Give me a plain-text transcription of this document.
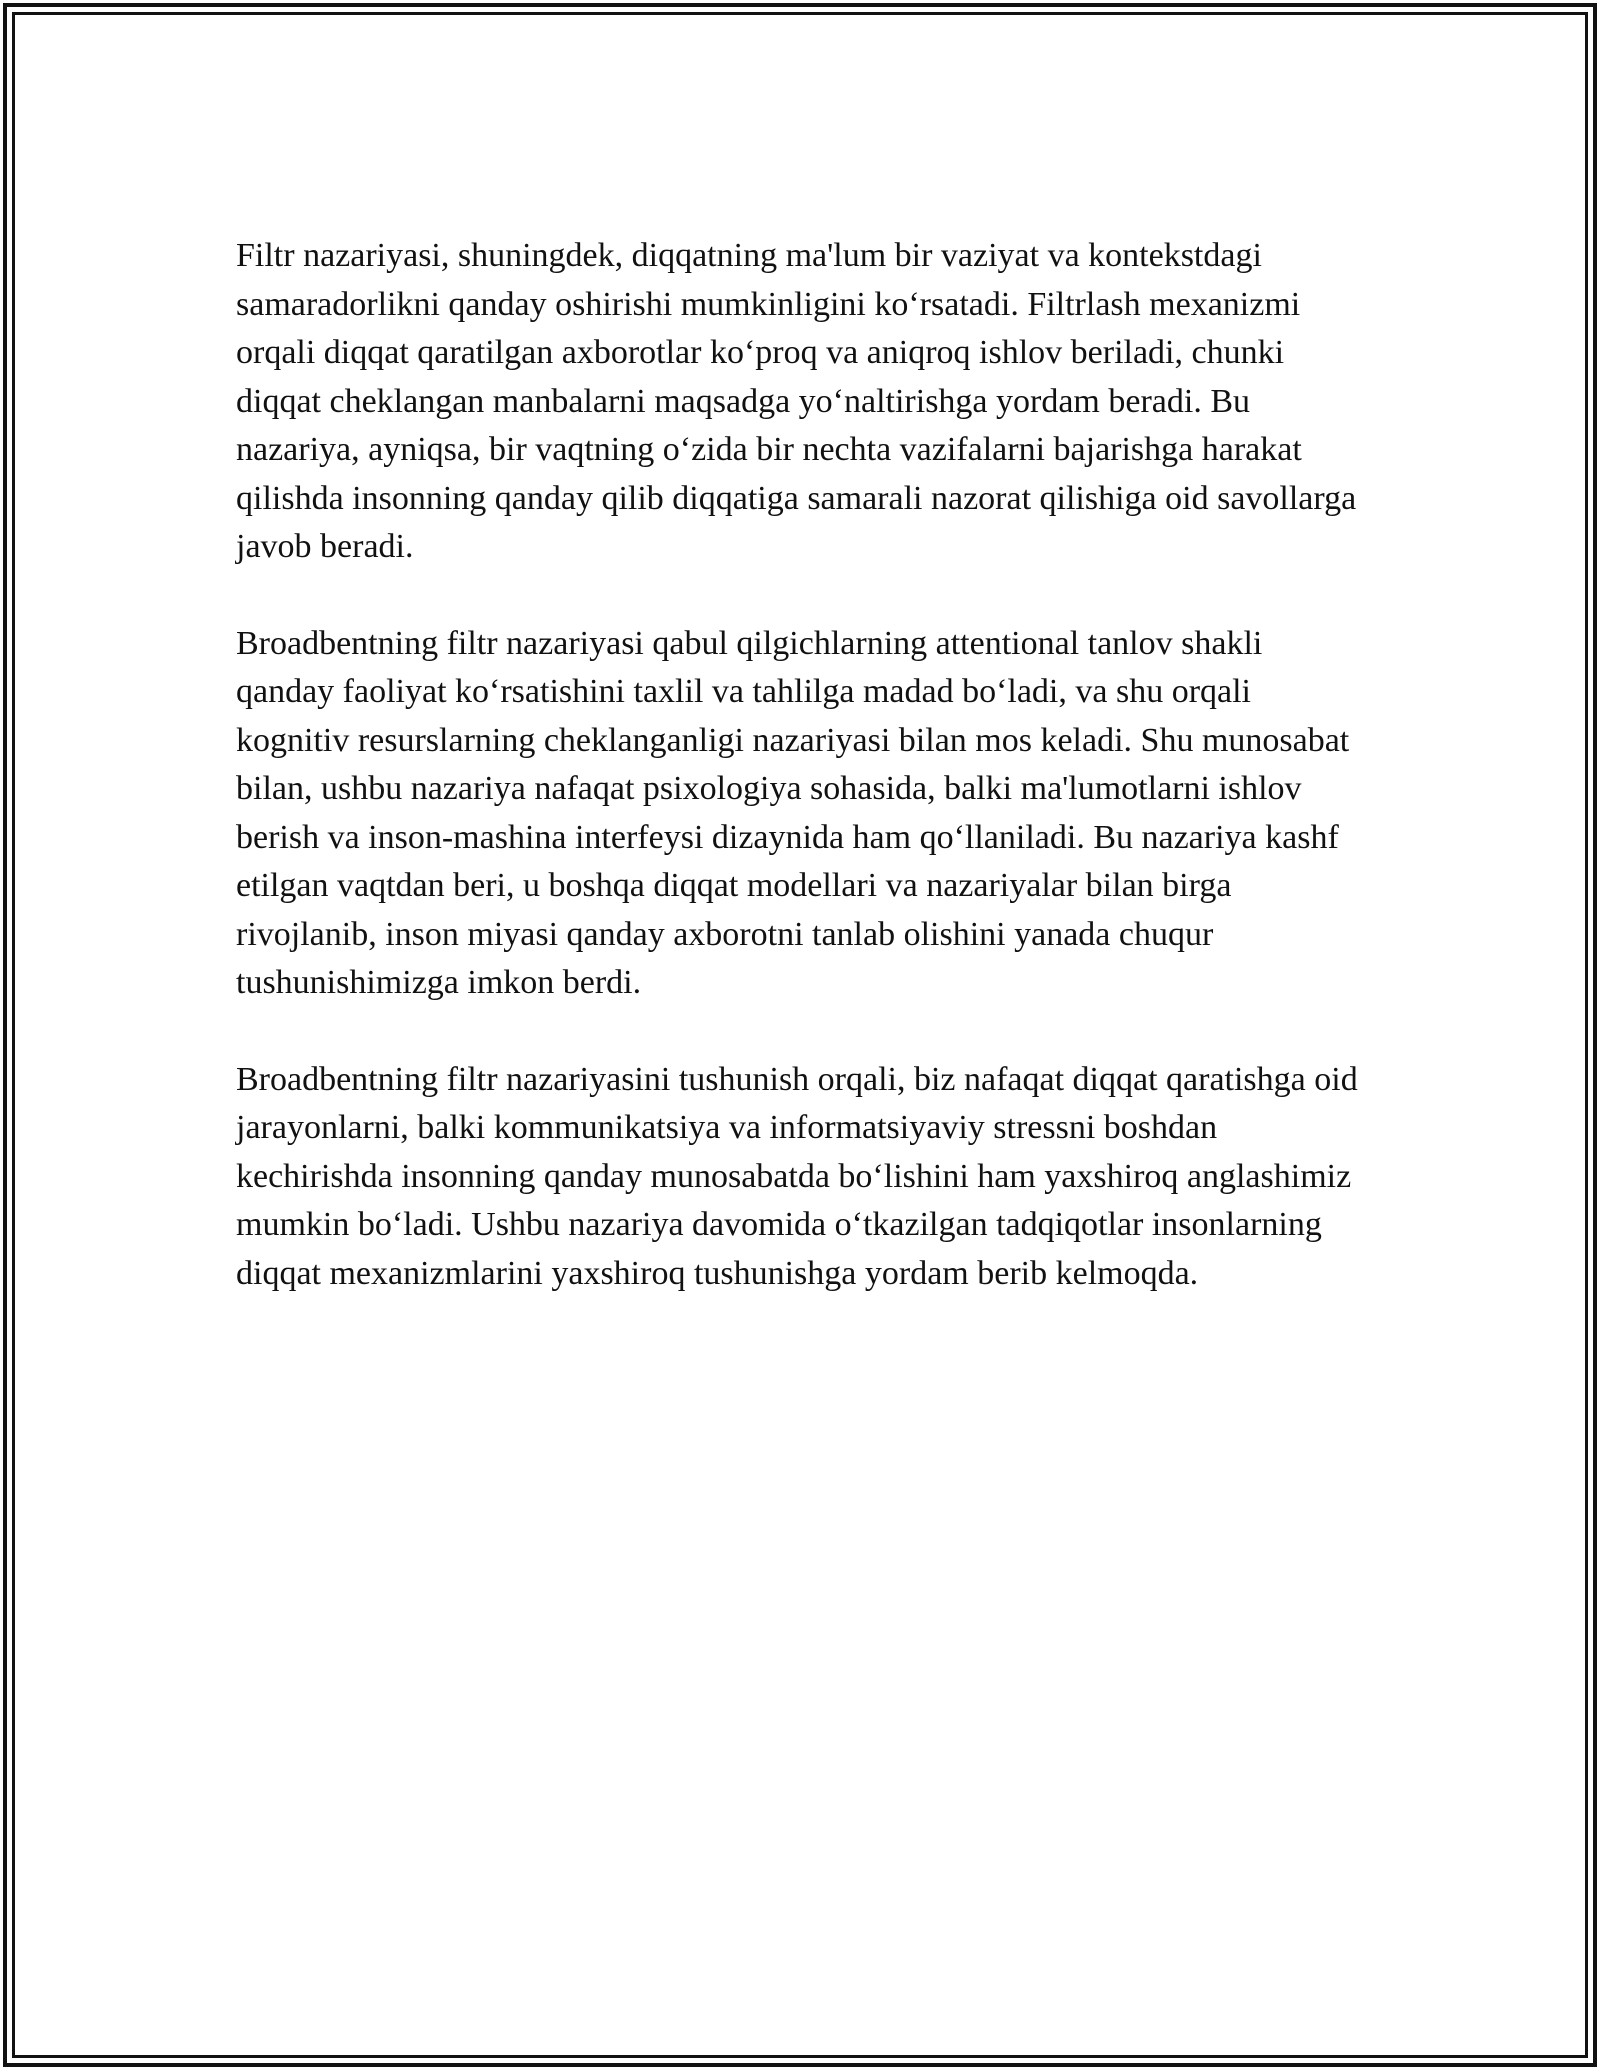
Filtr nazariyasi, shuningdek, diqqatning ma'lum bir vaziyat va kontekstdagi samaradorlikni qanday oshirishi mumkinligini ko‘rsatadi. Filtrlash mexanizmi orqali diqqat qaratilgan axborotlar ko‘proq va aniqroq ishlov beriladi, chunki diqqat cheklangan manbalarni maqsadga yo‘naltirishga yordam beradi. Bu nazariya, ayniqsa, bir vaqtning o‘zida bir nechta vazifalarni bajarishga harakat qilishda insonning qanday qilib diqqatiga samarali nazorat qilishiga oid savollarga javob beradi.

Broadbentning filtr nazariyasi qabul qilgichlarning attentional tanlov shakli qanday faoliyat ko‘rsatishini taxlil va tahlilga madad bo‘ladi, va shu orqali kognitiv resurslarning cheklanganligi nazariyasi bilan mos keladi. Shu munosabat bilan, ushbu nazariya nafaqat psixologiya sohasida, balki ma'lumotlarni ishlov berish va inson-mashina interfeysi dizaynida ham qo‘llaniladi. Bu nazariya kashf etilgan vaqtdan beri, u boshqa diqqat modellari va nazariyalar bilan birga rivojlanib, inson miyasi qanday axborotni tanlab olishini yanada chuqur tushunishimizga imkon berdi.

Broadbentning filtr nazariyasini tushunish orqali, biz nafaqat diqqat qaratishga oid jarayonlarni, balki kommunikatsiya va informatsiyaviy stressni boshdan kechirishda insonning qanday munosabatda bo‘lishini ham yaxshiroq anglashimiz mumkin bo‘ladi. Ushbu nazariya davomida o‘tkazilgan tadqiqotlar insonlarning diqqat mexanizmlarini yaxshiroq tushunishga yordam berib kelmoqda.
